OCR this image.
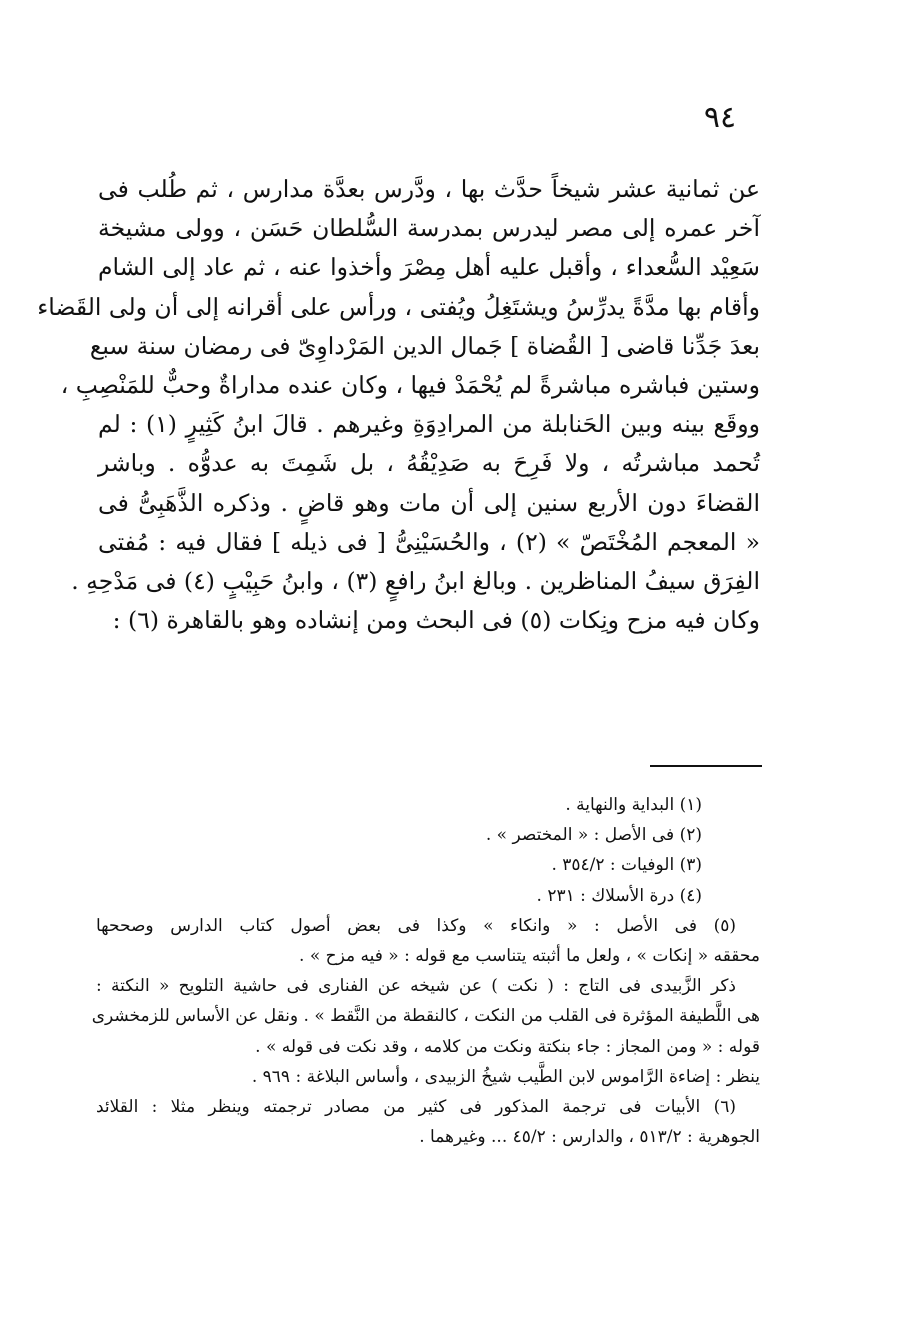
٩٤
عن ثمانية عشر شيخاً حدَّث بها ، ودَّرس بعدَّة مدارس ، ثم طُلب فى
آخر عمره إلى مصر ليدرس بمدرسة السُّلطان حَسَن ، وولى مشيخة
سَعِيْد السُّعداء ، وأقبل عليه أهل مِصْرَ وأخذوا عنه ، ثم عاد إلى الشام
وأقام بها مدَّةً يدرِّسُ ويشتَغِلُ ويُفتى ، ورأس على أقرانه إلى أن ولى القَضاء
بعدَ جَدِّنا قاضى [ القُضاة ] جَمال الدين المَرْداوِىّ فى رمضان سنة سبع
وستين فباشره مباشرةً لم يُحْمَدْ فيها ، وكان عنده مداراةٌ وحبٌّ للمَنْصِبِ ،
ووقَع بينه وبين الحَنابلة من المرادِوَةِ وغيرهم . قالَ ابنُ كَثِيرٍ (١) : لم
تُحمد مباشرتُه ، ولا فَرِحَ به صَدِيْقُهُ ، بل شَمِتَ به عدوُّه . وباشر
القضاءَ دون الأربع سنين إلى أن مات وهو قاضٍ . وذكره الذَّهَبِىُّ فى
« المعجم المُخْتَصّ » (٢) ، والحُسَيْنِىُّ [ فى ذيله ] فقال فيه : مُفتى
الفِرَق سيفُ المناظرين . وبالغ ابنُ رافعٍ (٣) ، وابنُ حَبِيْبٍ (٤) فى مَدْحِهِ .
وكان فيه مزح ونِكات (٥) فى البحث ومن إنشاده وهو بالقاهرة (٦) :
(١) البداية والنهاية .
(٢) فى الأصل : « المختصر » .
(٣) الوفيات : ٣٥٤/٢ .
(٤) درة الأسلاك : ٢٣١ .
(٥) فى الأصل : « وانكاء » وكذا فى بعض أصول كتاب الدارس وصححها
محققه « إنكات » ، ولعل ما أثبته يتناسب مع قوله : « فيه مزح » .
ذكر الزَّبيدى فى التاج : ( نكت ) عن شيخه عن الفنارى فى حاشية التلويح « النكتة :
هى اللَّطيفة المؤثرة فى القلب من النكت ، كالنقطة من النَّقط » . ونقل عن الأساس للزمخشرى
قوله : « ومن المجاز : جاء بنكتة ونكت من كلامه ، وقد نكت فى قوله » .
ينظر : إضاءة الرَّاموس لابن الطَّيب شيخُ الزبيدى ، وأساس البلاغة : ٩٦٩ .
(٦) الأبيات فى ترجمة المذكور فى كثير من مصادر ترجمته وينظر مثلا : القلائد
الجوهرية : ٥١٣/٢ ، والدارس : ٤٥/٢ ... وغيرهما .
